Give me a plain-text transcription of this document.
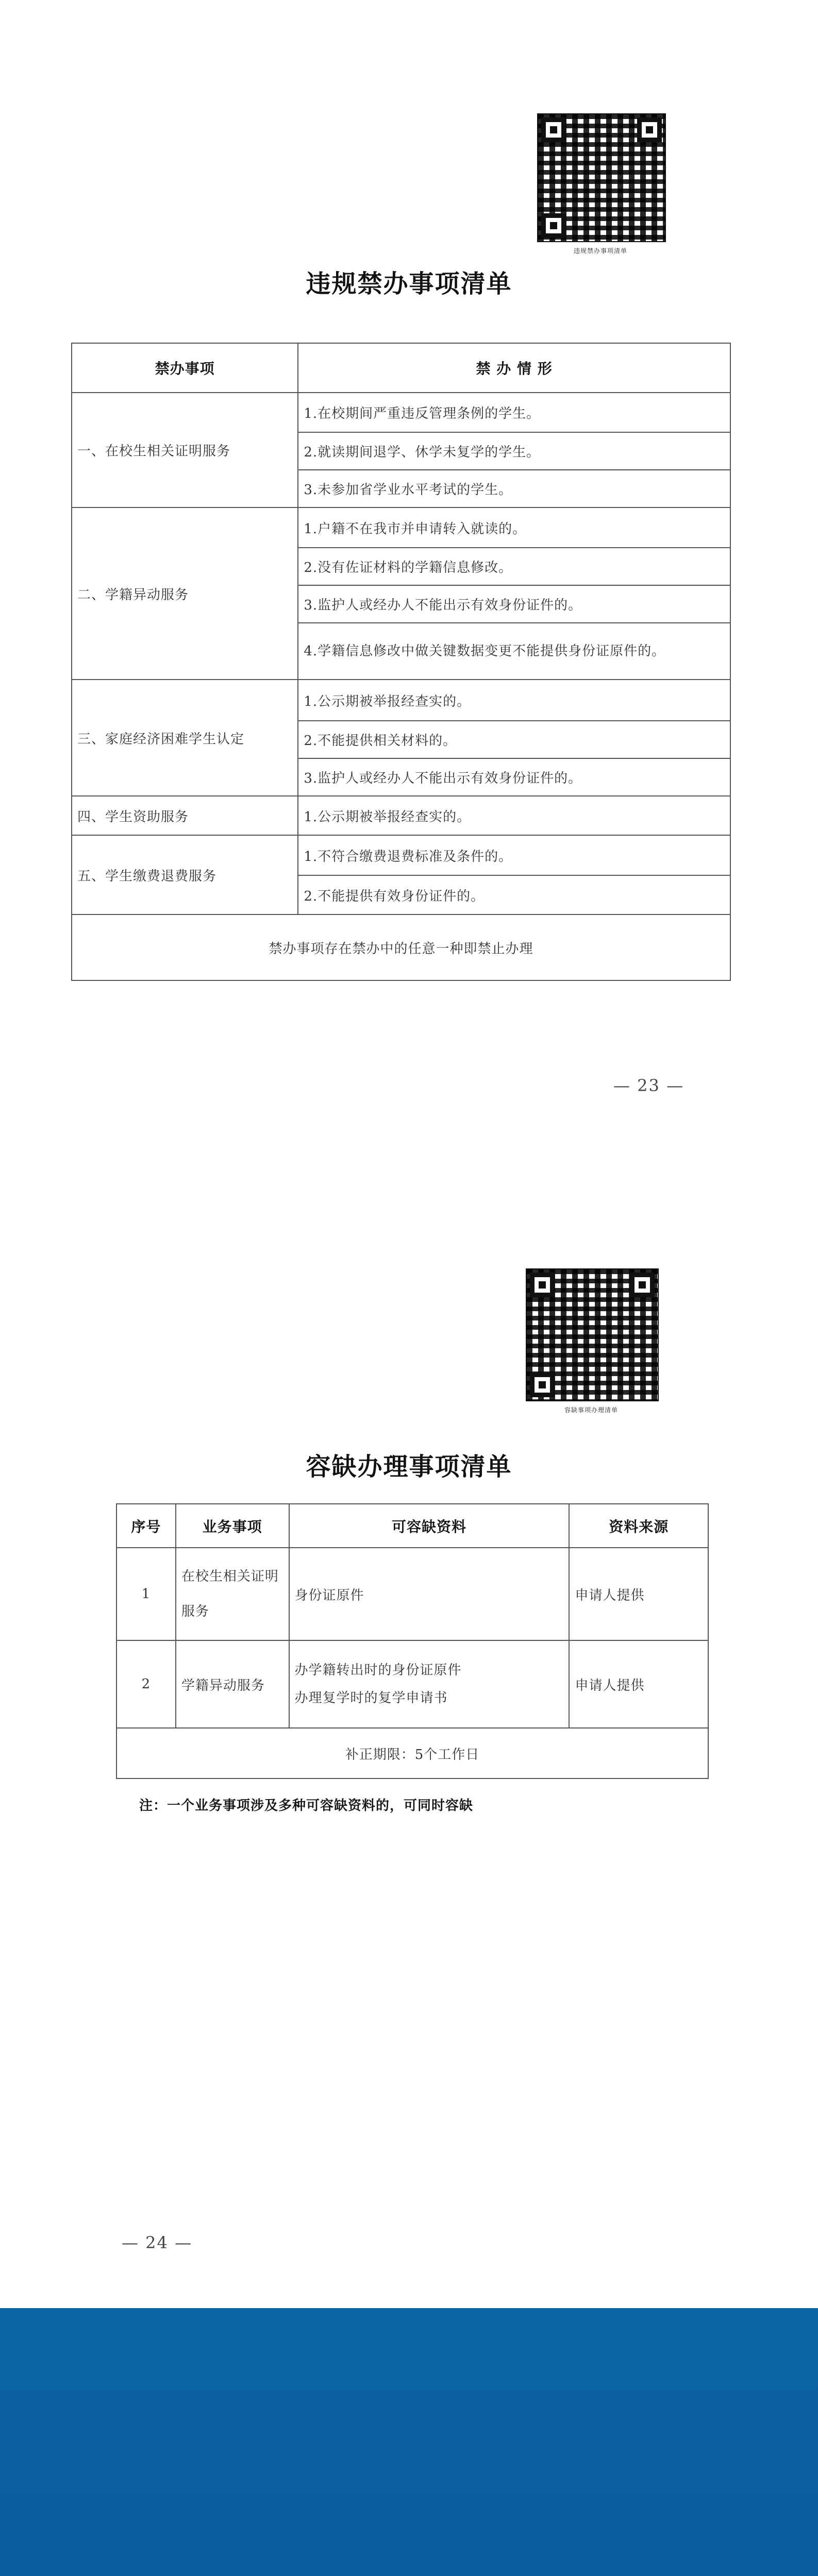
违规禁办事项清单
违规禁办事项清单
禁办事项	禁 办 情 形
一、在校生相关证明服务	1.在校期间严重违反管理条例的学生。
	2.就读期间退学、休学未复学的学生。
	3.未参加省学业水平考试的学生。
二、学籍异动服务	1.户籍不在我市并申请转入就读的。
	2.没有佐证材料的学籍信息修改。
	3.监护人或经办人不能出示有效身份证件的。
	4.学籍信息修改中做关键数据变更不能提供身份证原件的。
三、家庭经济困难学生认定	1.公示期被举报经查实的。
	2.不能提供相关材料的。
	3.监护人或经办人不能出示有效身份证件的。
四、学生资助服务	1.公示期被举报经查实的。
五、学生缴费退费服务	1.不符合缴费退费标准及条件的。
	2.不能提供有效身份证件的。
禁办事项存在禁办中的任意一种即禁止办理	
— 23 —
容缺事项办理清单
容缺办理事项清单
序号	业务事项	可容缺资料	资料来源
1	在校生相关证明服务	身份证原件	申请人提供
2	学籍异动服务	办学籍转出时的身份证原件
办理复学时的复学申请书	申请人提供
补正期限：5个工作日			
注：一个业务事项涉及多种可容缺资料的，可同时容缺
— 24 —
